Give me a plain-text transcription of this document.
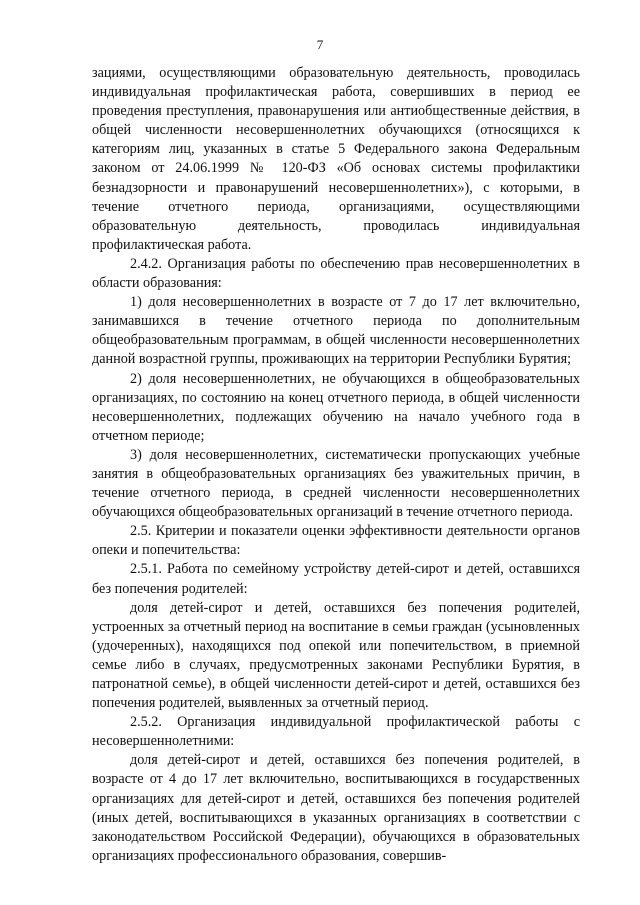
7

зациями, осуществляющими образовательную деятельность, проводилась индивидуальная профилактическая работа, совершивших в период ее проведения преступления, правонарушения или антиобщественные действия, в общей численности несовершеннолетних обучающихся (относящихся к категориям лиц, указанных в статье 5 Федерального закона Федеральным законом от 24.06.1999 № 120-ФЗ «Об основах системы профилактики безнадзорности и правонарушений несовершеннолетних»), с которыми, в течение отчетного периода, организациями, осуществляющими образовательную деятельность, проводилась индивидуальная профилактическая работа.

2.4.2. Организация работы по обеспечению прав несовершеннолетних в области образования:

1) доля несовершеннолетних в возрасте от 7 до 17 лет включительно, занимавшихся в течение отчетного периода по дополнительным общеобразовательным программам, в общей численности несовершеннолетних данной возрастной группы, проживающих на территории Республики Бурятия;

2) доля несовершеннолетних, не обучающихся в общеобразовательных организациях, по состоянию на конец отчетного периода, в общей численности несовершеннолетних, подлежащих обучению на начало учебного года в отчетном периоде;

3) доля несовершеннолетних, систематически пропускающих учебные занятия в общеобразовательных организациях без уважительных причин, в течение отчетного периода, в средней численности несовершеннолетних обучающихся общеобразовательных организаций в течение отчетного периода.

2.5. Критерии и показатели оценки эффективности деятельности органов опеки и попечительства:

2.5.1. Работа по семейному устройству детей-сирот и детей, оставшихся без попечения родителей:

доля детей-сирот и детей, оставшихся без попечения родителей, устроенных за отчетный период на воспитание в семьи граждан (усыновленных (удочеренных), находящихся под опекой или попечительством, в приемной семье либо в случаях, предусмотренных законами Республики Бурятия, в патронатной семье), в общей численности детей-сирот и детей, оставшихся без попечения родителей, выявленных за отчетный период.

2.5.2. Организация индивидуальной профилактической работы с несовершеннолетними:

доля детей-сирот и детей, оставшихся без попечения родителей, в возрасте от 4 до 17 лет включительно, воспитывающихся в государственных организациях для детей-сирот и детей, оставшихся без попечения родителей (иных детей, воспитывающихся в указанных организациях в соответствии с законодательством Российской Федерации), обучающихся в образовательных организациях профессионального образования, совершив-
